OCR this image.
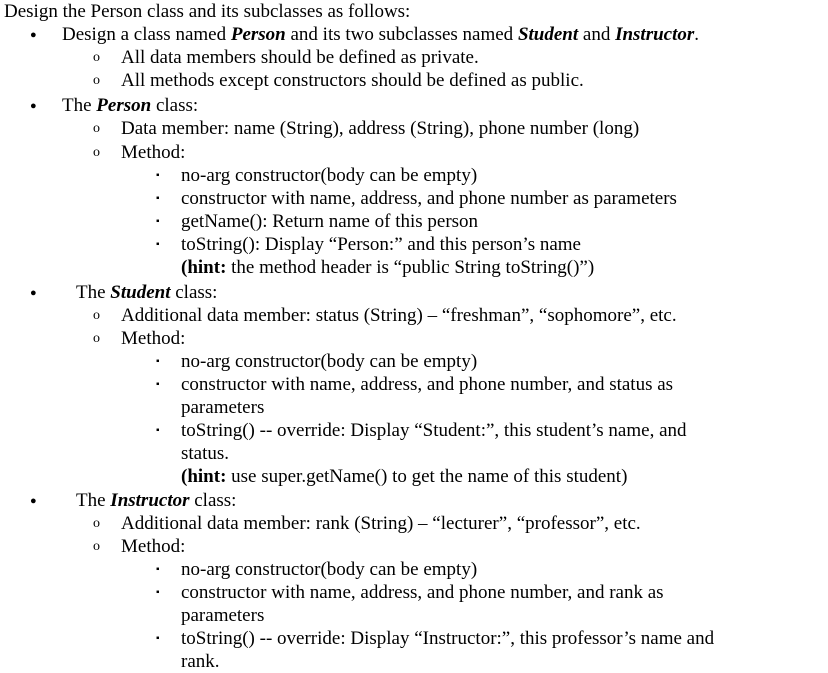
Design the Person class and its subclasses as follows:
● Design a class named Person and its two subclasses named Student and Instructor.
o All data members should be defined as private.
o All methods except constructors should be defined as public.
● The Person class:
o Data member: name (String), address (String), phone number (long)
o Method:
▪ no-arg constructor(body can be empty)
▪ constructor with name, address, and phone number as parameters
▪ getName(): Return name of this person
▪ toString(): Display “Person:” and this person’s name
(hint: the method header is “public String toString()”)
● The Student class:
o Additional data member: status (String) – “freshman”, “sophomore”, etc.
o Method:
▪ no-arg constructor(body can be empty)
▪ constructor with name, address, and phone number, and status as
parameters
▪ toString() -- override: Display “Student:”, this student’s name, and
status.
(hint: use super.getName() to get the name of this student)
● The Instructor class:
o Additional data member: rank (String) – “lecturer”, “professor”, etc.
o Method:
▪ no-arg constructor(body can be empty)
▪ constructor with name, address, and phone number, and rank as
parameters
▪ toString() -- override: Display “Instructor:”, this professor’s name and
rank.
